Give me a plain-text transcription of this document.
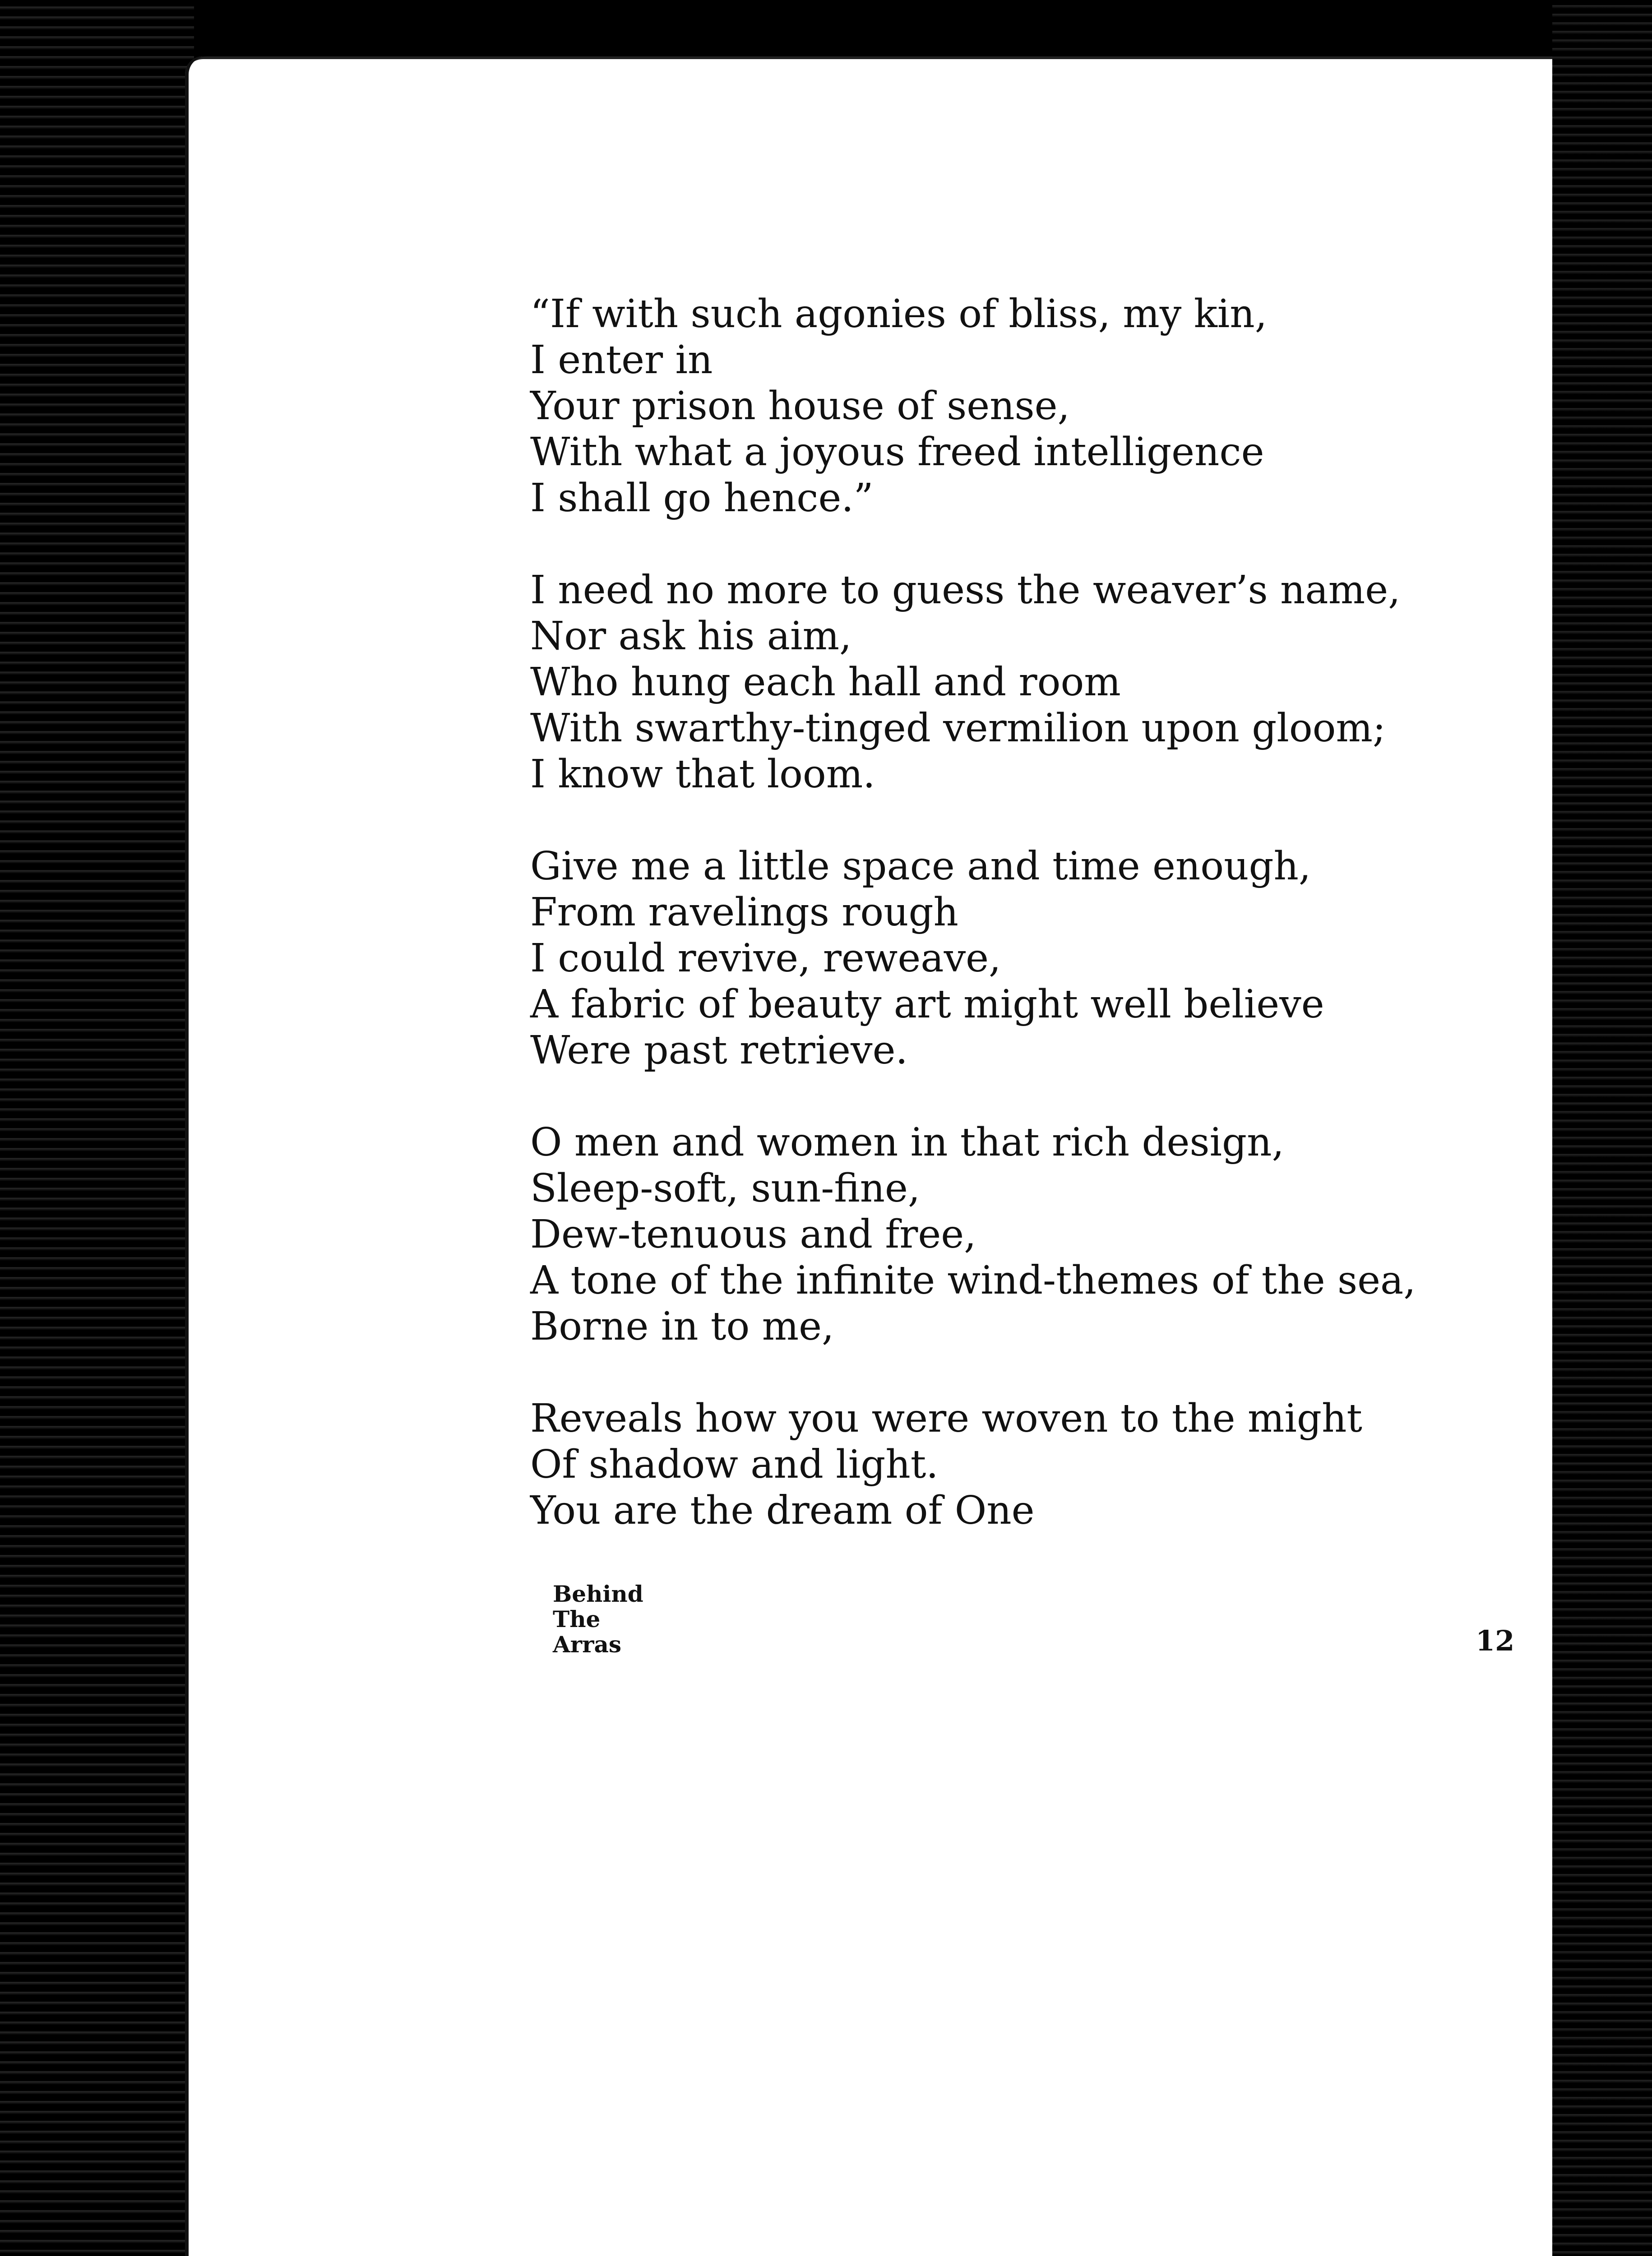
“If with such agonies of bliss, my kin,
I enter in
Your prison house of sense,
With what a joyous freed intelligence
I shall go hence.”
I need no more to guess the weaver’s name,
Nor ask his aim,
Who hung each hall and room
With swarthy-tinged vermilion upon gloom;
I know that loom.
Give me a little space and time enough,
From ravelings rough
I could revive, reweave,
A fabric of beauty art might well believe
Were past retrieve.
O men and women in that rich design,
Sleep-soft, sun-fine,
Dew-tenuous and free,
A tone of the infinite wind-themes of the sea,
Borne in to me,
Reveals how you were woven to the might
Of shadow and light.
You are the dream of One
Behind
The
Arras	12
